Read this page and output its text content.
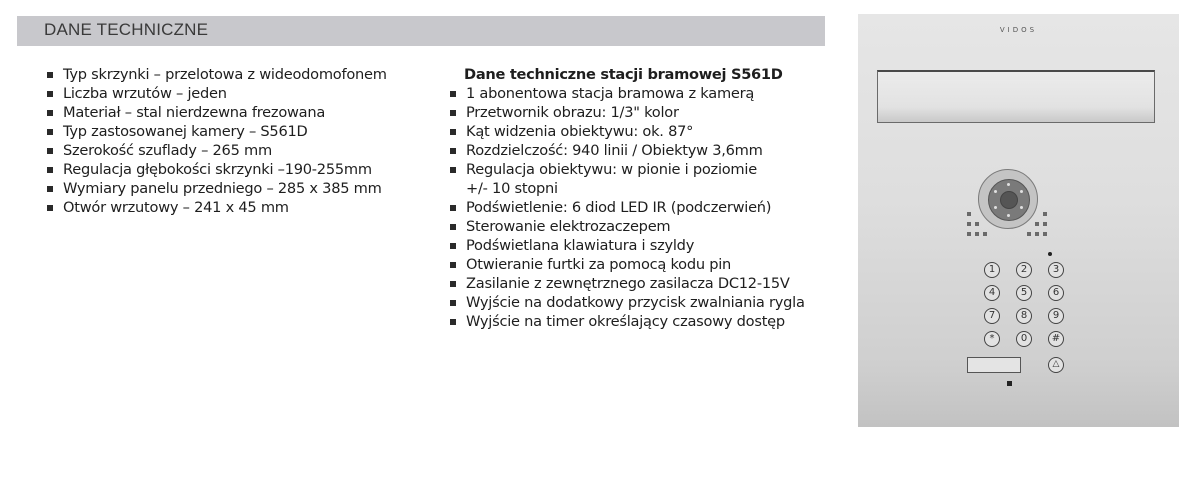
DANE TECHNICZNE
Typ skrzynki – przelotowa z wideodomofonem
Liczba wrzutów – jeden
Materiał – stal nierdzewna frezowana
Typ zastosowanej kamery – S561D
Szerokość szuflady – 265 mm
Regulacja głębokości skrzynki –190-255mm
Wymiary panelu przedniego – 285 x 385 mm
Otwór wrzutowy – 241 x 45 mm
Dane techniczne stacji bramowej S561D
1 abonentowa stacja bramowa z kamerą
Przetwornik obrazu: 1/3" kolor
Kąt widzenia obiektywu: ok. 87°
Rozdzielczość: 940 linii / Obiektyw 3,6mm
Regulacja obiektywu: w pionie i poziomie
+/- 10 stopni
Podświetlenie: 6 diod LED IR (podczerwień)
Sterowanie elektrozaczepem
Podświetlana klawiatura i szyldy
Otwieranie furtki za pomocą kodu pin
Zasilanie z zewnętrznego zasilacza DC12-15V
Wyjście na dodatkowy przycisk zwalniania rygla
Wyjście na timer określający czasowy dostęp
VIDOS
1	2	3
4	5	6
7	8	9
*	0	#
△
